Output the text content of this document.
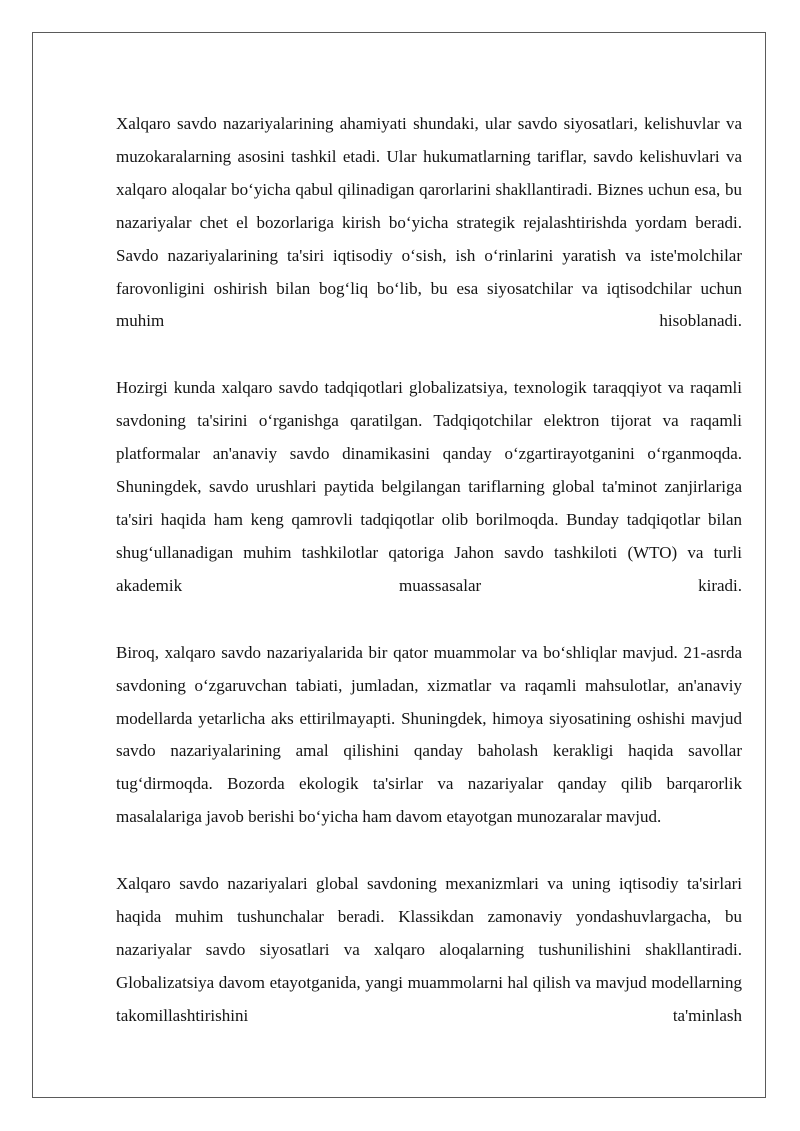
Xalqaro savdo nazariyalarining ahamiyati shundaki, ular savdo siyosatlari, kelishuvlar va muzokaralarning asosini tashkil etadi. Ular hukumatlarning tariflar, savdo kelishuvlari va xalqaro aloqalar bo‘yicha qabul qilinadigan qarorlarini shakllantiradi. Biznes uchun esa, bu nazariyalar chet el bozorlariga kirish bo‘yicha strategik rejalashtirishda yordam beradi. Savdo nazariyalarining ta'siri iqtisodiy o‘sish, ish o‘rinlarini yaratish va iste'molchilar farovonligini oshirish bilan bog‘liq bo‘lib, bu esa siyosatchilar va iqtisodchilar uchun muhim hisoblanadi.

Hozirgi kunda xalqaro savdo tadqiqotlari globalizatsiya, texnologik taraqqiyot va raqamli savdoning ta'sirini o‘rganishga qaratilgan. Tadqiqotchilar elektron tijorat va raqamli platformalar an'anaviy savdo dinamikasini qanday o‘zgartirayotganini o‘rganmoqda. Shuningdek, savdo urushlari paytida belgilangan tariflarning global ta'minot zanjirlariga ta'siri haqida ham keng qamrovli tadqiqotlar olib borilmoqda. Bunday tadqiqotlar bilan shug‘ullanadigan muhim tashkilotlar qatoriga Jahon savdo tashkiloti (WTO) va turli akademik muassasalar kiradi.

Biroq, xalqaro savdo nazariyalarida bir qator muammolar va bo‘shliqlar mavjud. 21-asrda savdoning o‘zgaruvchan tabiati, jumladan, xizmatlar va raqamli mahsulotlar, an'anaviy modellarda yetarlicha aks ettirilmayapti. Shuningdek, himoya siyosatining oshishi mavjud savdo nazariyalarining amal qilishini qanday baholash kerakligi haqida savollar tug‘dirmoqda. Bozorda ekologik ta'sirlar va nazariyalar qanday qilib barqarorlik masalalariga javob berishi bo‘yicha ham davom etayotgan munozaralar mavjud.

Xalqaro savdo nazariyalari global savdoning mexanizmlari va uning iqtisodiy ta'sirlari haqida muhim tushunchalar beradi. Klassikdan zamonaviy yondashuvlargacha, bu nazariyalar savdo siyosatlari va xalqaro aloqalarning tushunilishini shakllantiradi. Globalizatsiya davom etayotganida, yangi muammolarni hal qilish va mavjud modellarning takomillashtirishini ta'minlash
